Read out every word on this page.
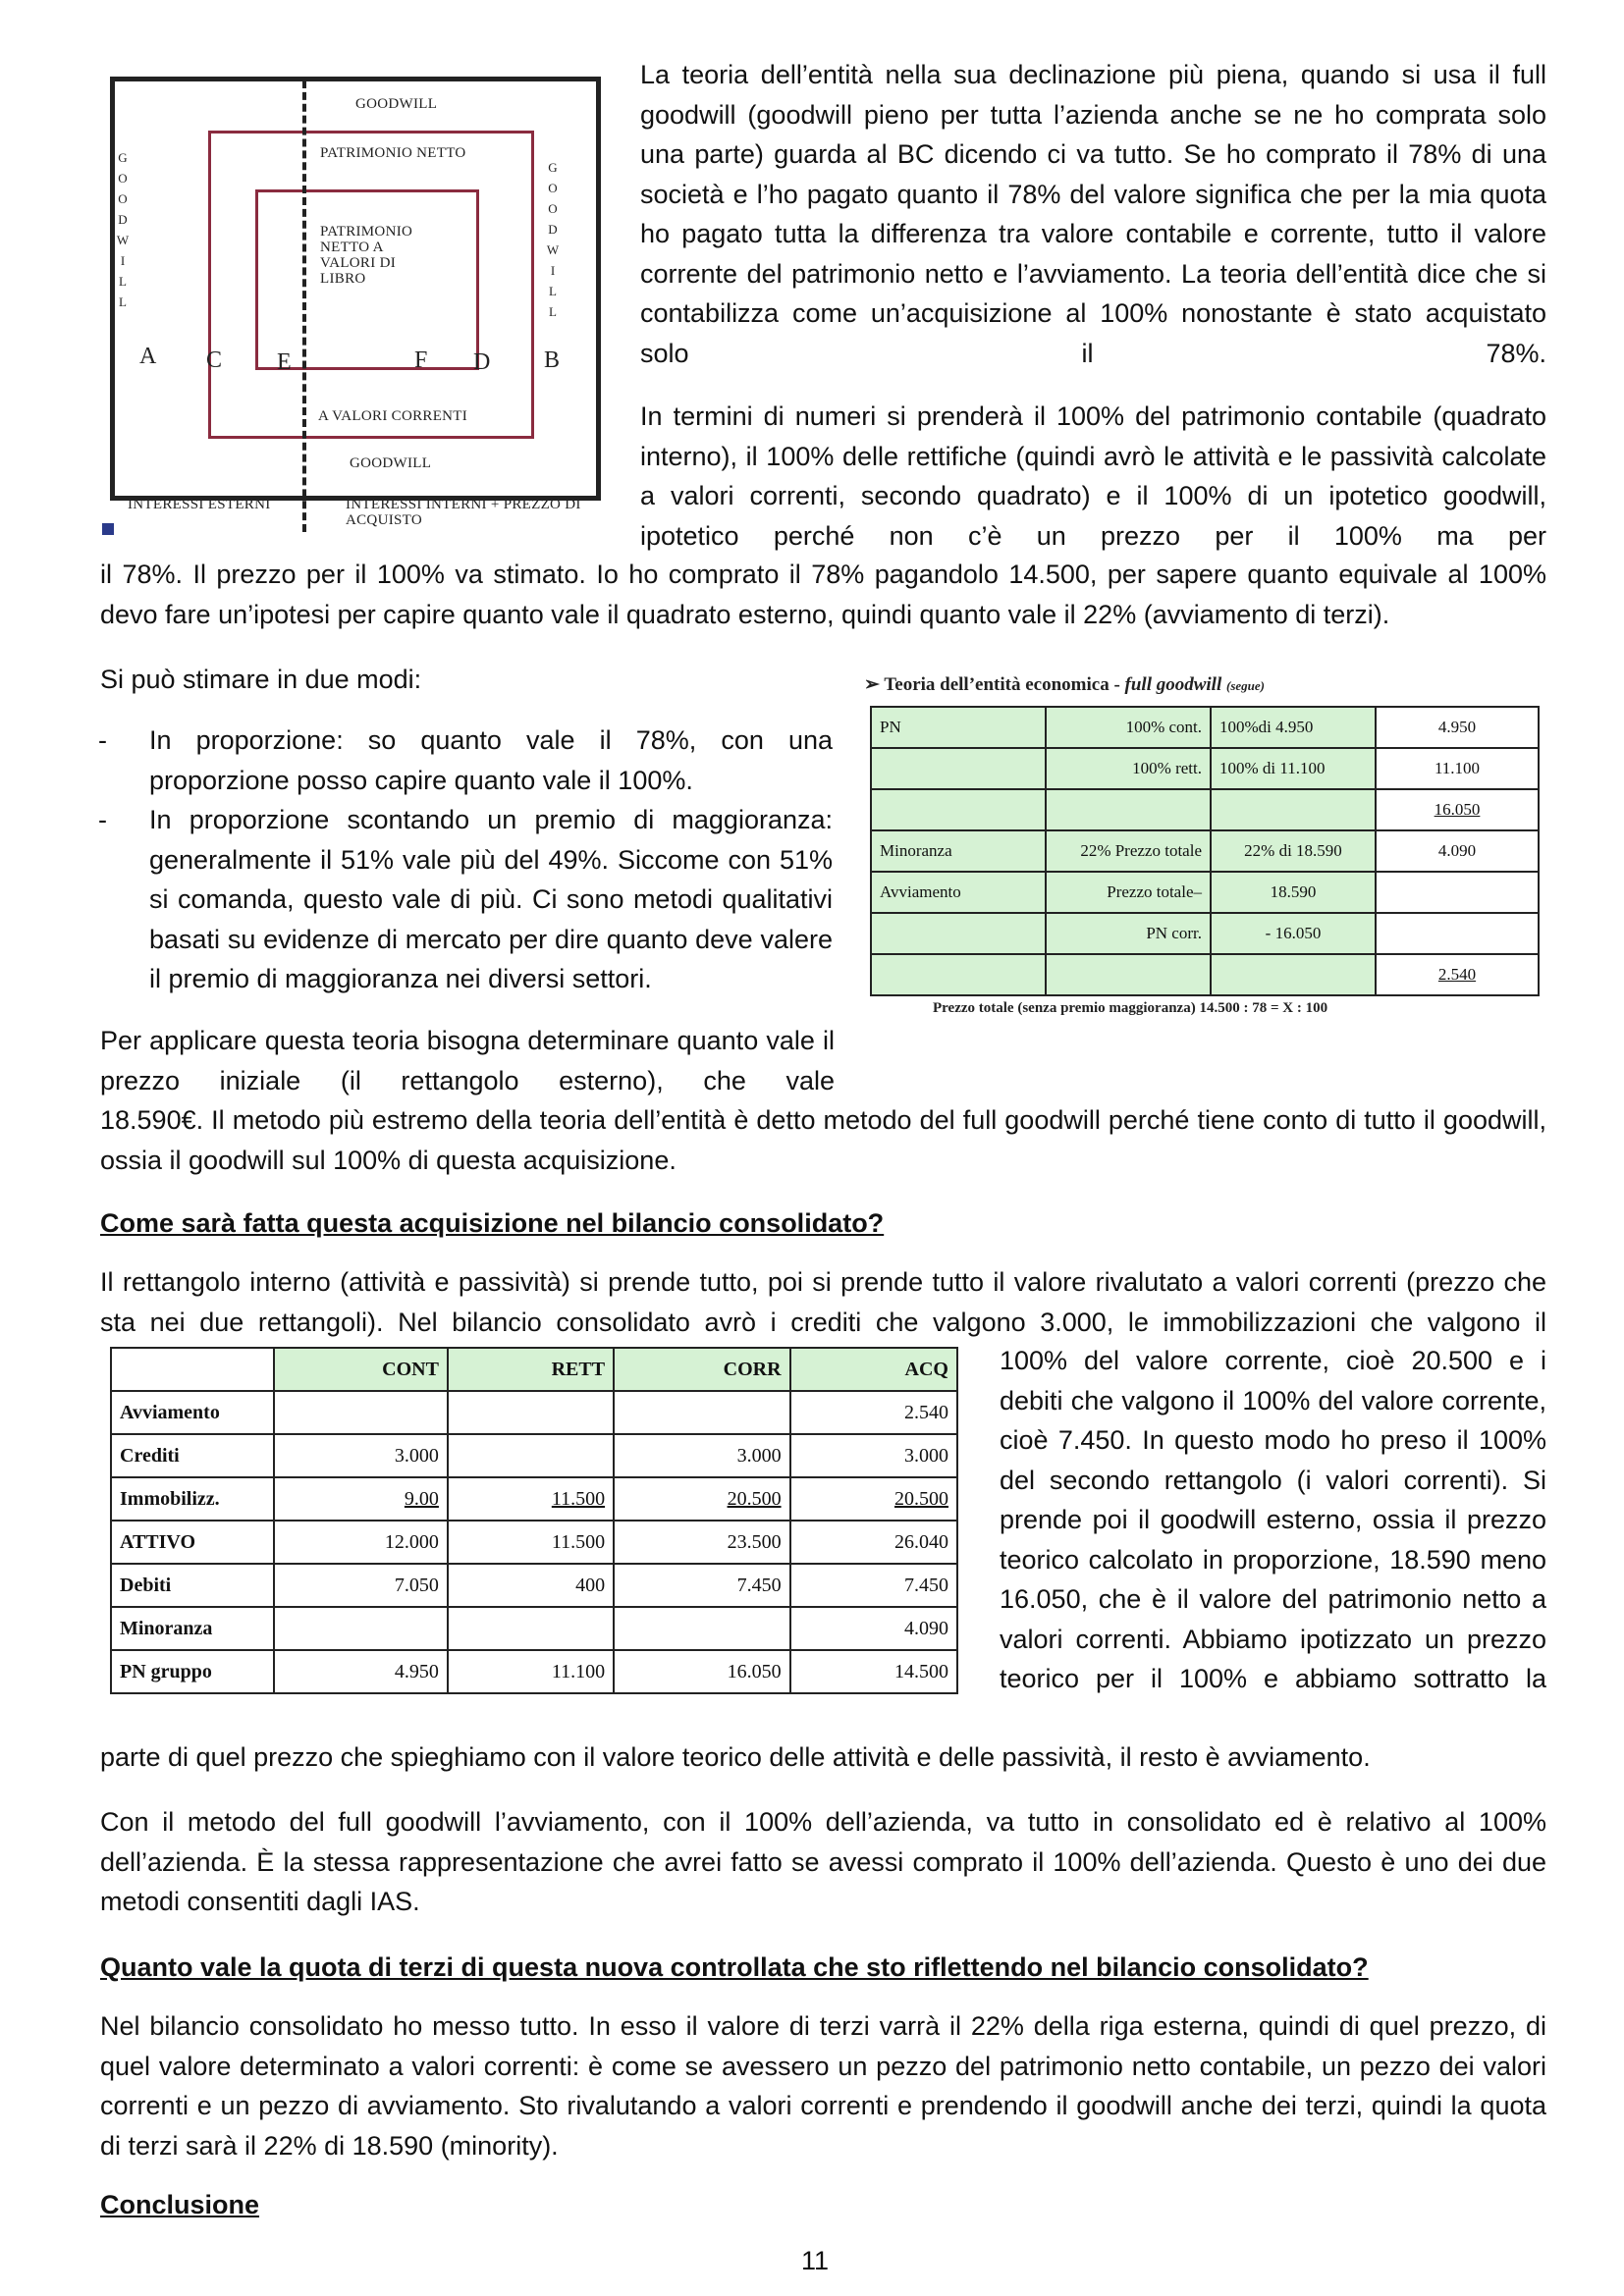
GOODWILL
PATRIMONIO NETTO
PATRIMONIO
NETTO A
VALORI DI
LIBRO
A VALORI CORRENTI
GOODWILL
G
O
O
D
W
I
L
L
G
O
O
D
W
I
L
L
A C E	F D B
INTERESSI ESTERNI	INTERESSI INTERNI + PREZZO DI
ACQUISTO

La teoria dell’entità nella sua declinazione più piena, quando si usa il full goodwill (goodwill pieno per tutta l’azienda anche se ne ho comprata solo una parte) guarda al BC dicendo ci va tutto. Se ho comprato il 78% di una società e l’ho pagato quanto il 78% del valore significa che per la mia quota ho pagato tutta la differenza tra valore contabile e corrente, tutto il valore corrente del patrimonio netto e l’avviamento. La teoria dell’entità dice che si contabilizza come un’acquisizione al 100% nonostante è stato acquistato solo il 78%.

In termini di numeri si prenderà il 100% del patrimonio contabile (quadrato interno), il 100% delle rettifiche (quindi avrò le attività e le passività calcolate a valori correnti, secondo quadrato) e il 100% di un ipotetico goodwill, ipotetico perché non c’è un prezzo per il 100% ma per

il 78%. Il prezzo per il 100% va stimato. Io ho comprato il 78% pagandolo 14.500, per sapere quanto equivale al 100% devo fare un’ipotesi per capire quanto vale il quadrato esterno, quindi quanto vale il 22% (avviamento di terzi).

Si può stimare in due modi:

- In proporzione: so quanto vale il 78%, con una proporzione posso capire quanto vale il 100%.
- In proporzione scontando un premio di maggioranza: generalmente il 51% vale più del 49%. Siccome con 51% si comanda, questo vale di più. Ci sono metodi qualitativi basati su evidenze di mercato per dire quanto deve valere il premio di maggioranza nei diversi settori.

Per applicare questa teoria bisogna determinare quanto vale il prezzo iniziale (il rettangolo esterno), che vale

18.590€. Il metodo più estremo della teoria dell’entità è detto metodo del full goodwill perché tiene conto di tutto il goodwill, ossia il goodwill sul 100% di questa acquisizione.

➢ Teoria dell’entità economica - full goodwill (segue)
PN	100% cont.	100%di 4.950	4.950
	100% rett.	100% di 11.100	11.100
			16.050
Minoranza	22% Prezzo totale	22% di 18.590	4.090
Avviamento	Prezzo totale–	18.590	
	PN corr.	- 16.050	
			2.540
Prezzo totale (senza premio maggioranza) 14.500 : 78 = X : 100
Come sarà fatta questa acquisizione nel bilancio consolidato?

Il rettangolo interno (attività e passività) si prende tutto, poi si prende tutto il valore rivalutato a valori correnti (prezzo che sta nei due rettangoli). Nel bilancio consolidato avrò i crediti che valgono 3.000, le immobilizzazioni che valgono il

	CONT	RETT	CORR	ACQ
Avviamento				2.540
Crediti	3.000		3.000	3.000
Immobilizz.	9.00	11.500	20.500	20.500
ATTIVO	12.000	11.500	23.500	26.040
Debiti	7.050	400	7.450	7.450
Minoranza				4.090
PN gruppo	4.950	11.100	16.050	14.500

100% del valore corrente, cioè 20.500 e i debiti che valgono il 100% del valore corrente, cioè 7.450. In questo modo ho preso il 100% del secondo rettangolo (i valori correnti). Si prende poi il goodwill esterno, ossia il prezzo teorico calcolato in proporzione, 18.590 meno 16.050, che è il valore del patrimonio netto a valori correnti. Abbiamo ipotizzato un prezzo teorico per il 100% e abbiamo sottratto la

parte di quel prezzo che spieghiamo con il valore teorico delle attività e delle passività, il resto è avviamento.

Con il metodo del full goodwill l’avviamento, con il 100% dell’azienda, va tutto in consolidato ed è relativo al 100% dell’azienda. È la stessa rappresentazione che avrei fatto se avessi comprato il 100% dell’azienda. Questo è uno dei due metodi consentiti dagli IAS.

Quanto vale la quota di terzi di questa nuova controllata che sto riflettendo nel bilancio consolidato?

Nel bilancio consolidato ho messo tutto. In esso il valore di terzi varrà il 22% della riga esterna, quindi di quel prezzo, di quel valore determinato a valori correnti: è come se avessero un pezzo del patrimonio netto contabile, un pezzo dei valori correnti e un pezzo di avviamento. Sto rivalutando a valori correnti e prendendo il goodwill anche dei terzi, quindi la quota di terzi sarà il 22% di 18.590 (minority).

Conclusione
11
